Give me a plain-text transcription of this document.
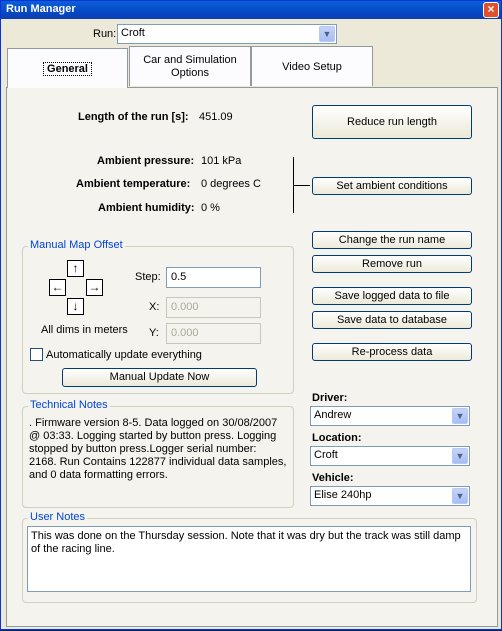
Run Manager	×
Run: Croft	▼
General
Car and Simulation Options	Video Setup
Length of the run [s]: 451.09	Reduce run length
Ambient pressure: 101 kPa
Ambient temperature: 0 degrees C
Ambient humidity: 0 %
Set ambient conditions
Manual Map Offset
↑
← →
↓
All dims in meters
Step: 0.5
X:	0.000
Y:	0.000
Automatically update everything
Manual Update Now
Change the run name
Remove run
Save logged data to file
Save data to database
Re-process data
Technical Notes
. Firmware version 8-5. Data logged on 30/08/2007 @ 03:33. Logging started by button press. Logging stopped by button press.Logger serial number: 2168. Run Contains 122877 individual data samples, and 0 data formatting errors.
Driver:
Andrew	▼
Location:
Croft	▼
Vehicle:
Elise 240hp	▼
User Notes
This was done on the Thursday session. Note that it was dry but the track was still damp of the racing line.
